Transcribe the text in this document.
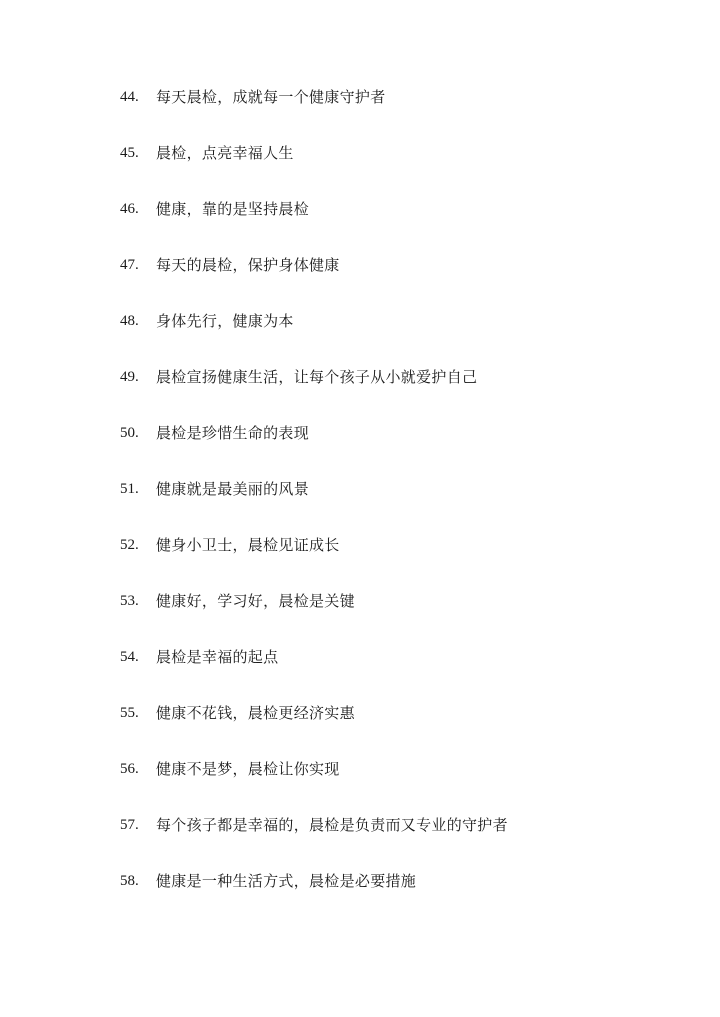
44.	每天晨检，成就每一个健康守护者
45.	晨检，点亮幸福人生
46.	健康，靠的是坚持晨检
47.	每天的晨检，保护身体健康
48.	身体先行，健康为本
49.	晨检宣扬健康生活，让每个孩子从小就爱护自己
50.	晨检是珍惜生命的表现
51.	健康就是最美丽的风景
52.	健身小卫士，晨检见证成长
53.	健康好，学习好，晨检是关键
54.	晨检是幸福的起点
55.	健康不花钱，晨检更经济实惠
56.	健康不是梦，晨检让你实现
57.	每个孩子都是幸福的，晨检是负责而又专业的守护者
58.	健康是一种生活方式，晨检是必要措施
